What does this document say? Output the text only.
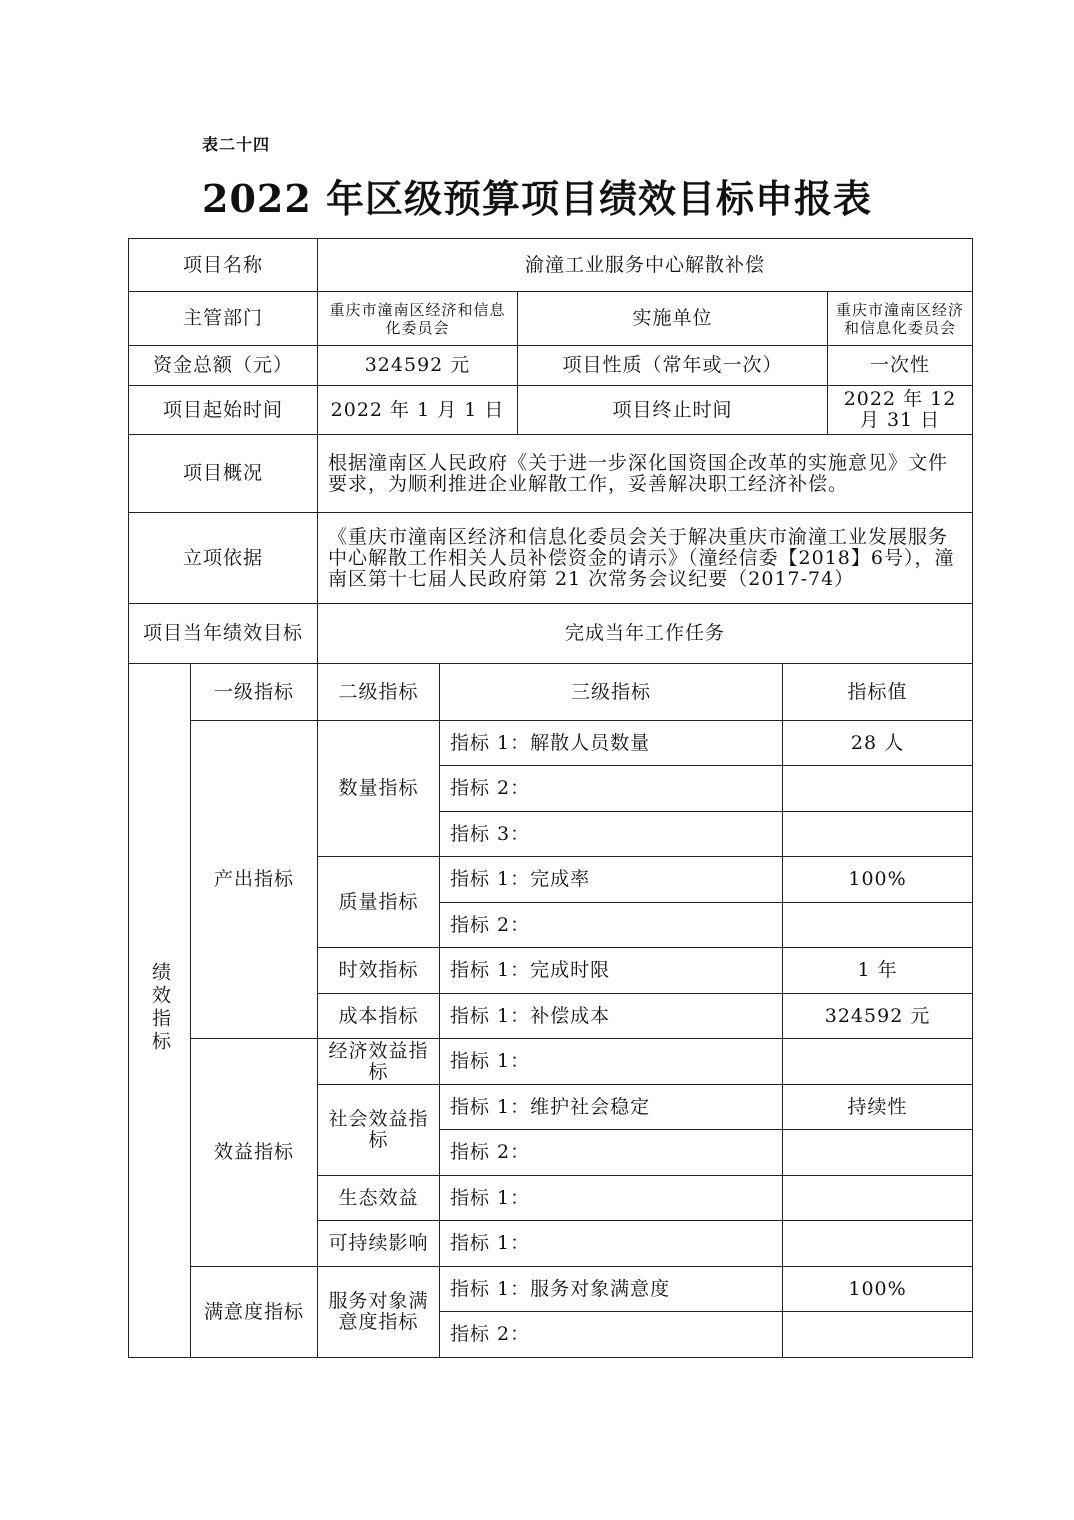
表二十四
2022 年区级预算项目绩效目标申报表
项目名称		渝潼工业服务中心解散补偿				
主管部门		重庆市潼南区经济和信息化委员会		实施单位		重庆市潼南区经济和信息化委员会
资金总额（元）		324592 元		项目性质（常年或一次）		一次性
项目起始时间		2022 年 1 月 1 日		项目终止时间		2022 年 12 月 31 日
项目概况		根据潼南区人民政府《关于进一步深化国资国企改革的实施意见》文件要求，为顺利推进企业解散工作，妥善解决职工经济补偿。				
立项依据		《重庆市潼南区经济和信息化委员会关于解决重庆市渝潼工业发展服务中心解散工作相关人员补偿资金的请示》（潼经信委【2018】6号），潼南区第十七届人民政府第 21 次常务会议纪要（2017-74）				
项目当年绩效目标		完成当年工作任务				
绩效指标	一级指标	二级指标	三级指标		指标值	
	产出指标	数量指标	指标 1：解散人员数量		28 人	
			指标 2：			
			指标 3：			
		质量指标	指标 1：完成率		100%	
			指标 2：			
		时效指标	指标 1：完成时限		1 年	
		成本指标	指标 1：补偿成本		324592 元	
	效益指标	经济效益指标	指标 1：			
		社会效益指标	指标 1：维护社会稳定		持续性	
			指标 2：			
		生态效益	指标 1：			
		可持续影响	指标 1：			
	满意度指标	服务对象满意度指标	指标 1：服务对象满意度		100%	
			指标 2：			
